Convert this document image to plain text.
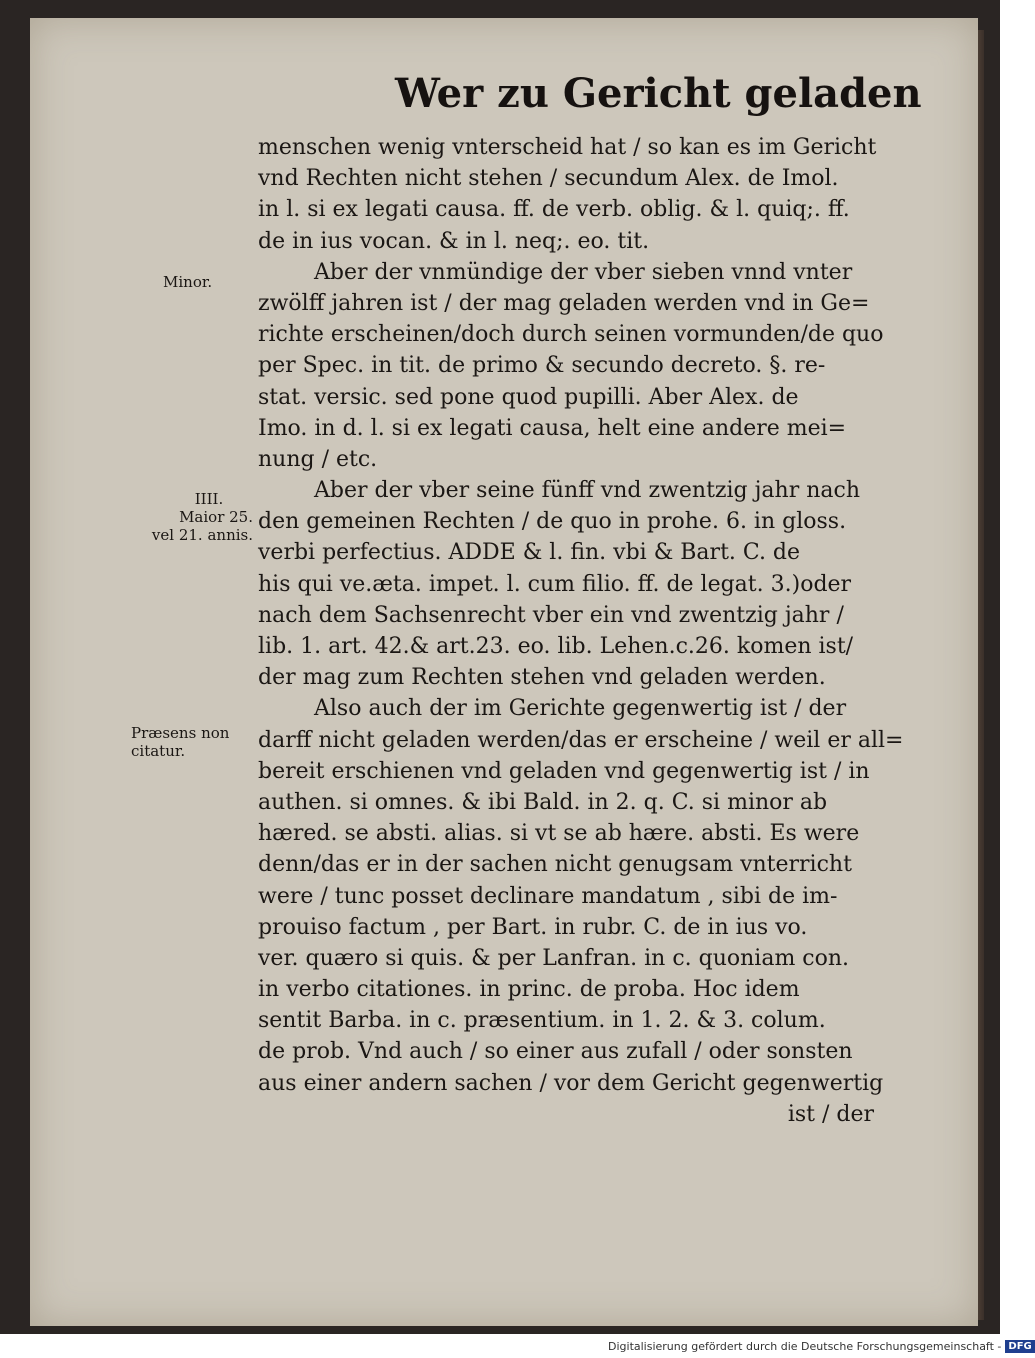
Wer zu Gericht geladen
Minor.
IIII.
Maior 25.
vel 21. annis.
Præsens non
citatur.
menschen wenig vnterscheid hat / so kan es im Gericht
vnd Rechten nicht stehen / secundum Alex. de Imol.
in l. si ex legati causa. ff. de verb. oblig. & l. quiq;. ff.
de in ius vocan. & in l. neq;. eo. tit.
Aber der vnmündige der vber sieben vnnd vnter
zwölff jahren ist / der mag geladen werden vnd in Ge=
richte erscheinen/doch durch seinen vormunden/de quo
per Spec. in tit. de primo & secundo decreto. §. re-
stat. versic. sed pone quod pupilli. Aber Alex. de
Imo. in d. l. si ex legati causa, helt eine andere mei=
nung / etc.
Aber der vber seine fünff vnd zwentzig jahr nach
den gemeinen Rechten / de quo in prohe. 6. in gloss.
verbi perfectius. ADDE & l. fin. vbi & Bart. C. de
his qui ve.æta. impet. l. cum filio. ff. de legat. 3.)oder
nach dem Sachsenrecht vber ein vnd zwentzig jahr /
lib. 1. art. 42.& art.23. eo. lib. Lehen.c.26. komen ist/
der mag zum Rechten stehen vnd geladen werden.
Also auch der im Gerichte gegenwertig ist / der
darff nicht geladen werden/das er erscheine / weil er all=
bereit erschienen vnd geladen vnd gegenwertig ist / in
authen. si omnes. & ibi Bald. in 2. q. C. si minor ab
hæred. se absti. alias. si vt se ab hære. absti. Es were
denn/das er in der sachen nicht genugsam vnterricht
were / tunc posset declinare mandatum , sibi de im-
prouiso factum , per Bart. in rubr. C. de in ius vo.
ver. quæro si quis. & per Lanfran. in c. quoniam con.
in verbo citationes. in princ. de proba. Hoc idem
sentit Barba. in c. præsentium. in 1. 2. & 3. colum.
de prob. Vnd auch / so einer aus zufall / oder sonsten
aus einer andern sachen / vor dem Gericht gegenwertig
ist / der
Digitalisierung gefördert durch die Deutsche Forschungsgemeinschaft - DFG
